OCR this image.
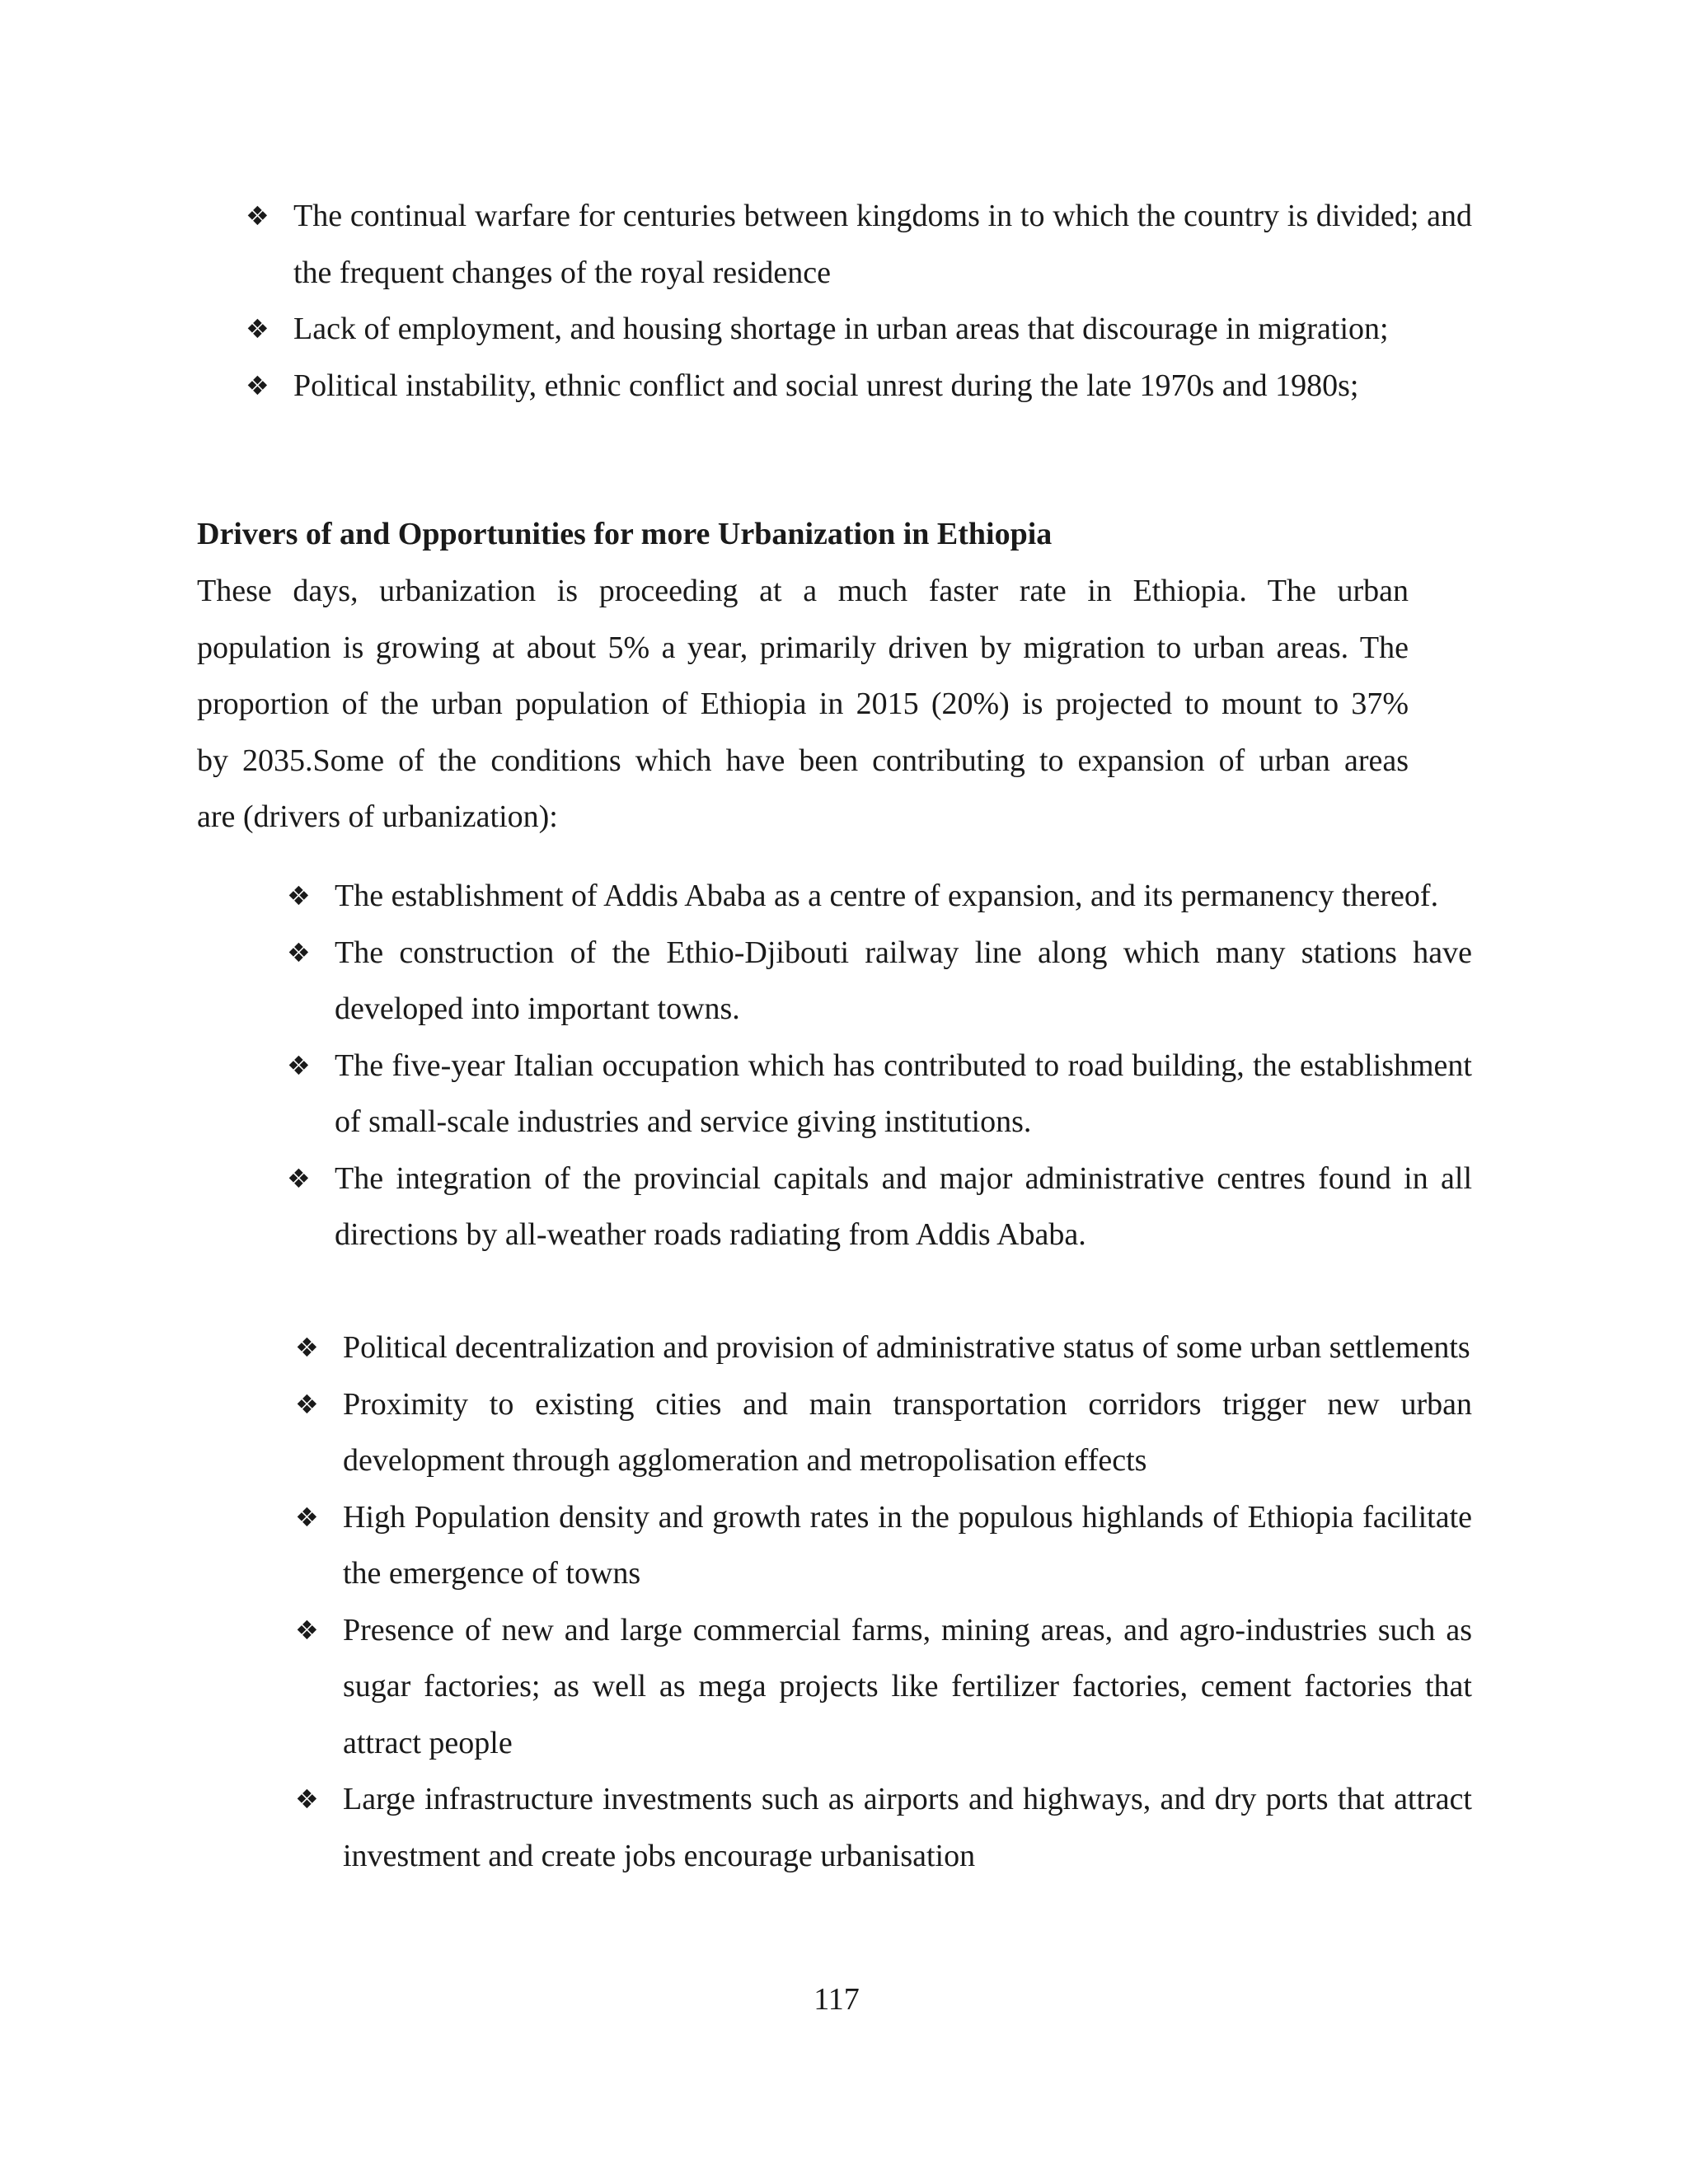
❖ The continual warfare for centuries between kingdoms in to which the country is divided; and the frequent changes of the royal residence
❖ Lack of employment, and housing shortage in urban areas that discourage in migration;
❖ Political instability, ethnic conflict and social unrest during the late 1970s and 1980s;
Drivers of and Opportunities for more Urbanization in Ethiopia

These days, urbanization is proceeding at a much faster rate in Ethiopia. The urban
population is growing at about 5% a year, primarily driven by migration to urban areas. The
proportion of the urban population of Ethiopia in 2015 (20%) is projected to mount to 37%
by 2035.Some of the conditions which have been contributing to expansion of urban areas
are (drivers of urbanization):

❖ The establishment of Addis Ababa as a centre of expansion, and its permanency thereof.
❖ The construction of the Ethio-Djibouti railway line along which many stations have developed into important towns.
❖ The five-year Italian occupation which has contributed to road building, the establishment of small-scale industries and service giving institutions.
❖ The integration of the provincial capitals and major administrative centres found in all directions by all-weather roads radiating from Addis Ababa.
❖ Political decentralization and provision of administrative status of some urban settlements
❖ Proximity to existing cities and main transportation corridors trigger new urban development through agglomeration and metropolisation effects
❖ High Population density and growth rates in the populous highlands of Ethiopia facilitate the emergence of towns
❖ Presence of new and large commercial farms, mining areas, and agro-industries such as sugar factories; as well as mega projects like fertilizer factories, cement factories that attract people
❖ Large infrastructure investments such as airports and highways, and dry ports that attract investment and create jobs encourage urbanisation

117
